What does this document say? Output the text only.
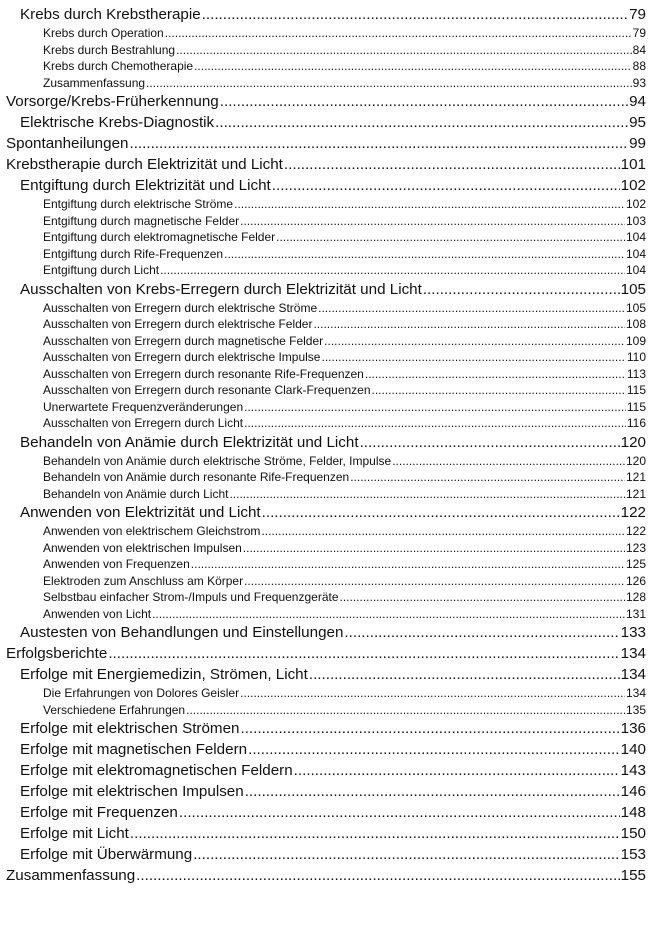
Krebs durch Krebstherapie .....	79
Krebs durch Operation .....	79
Krebs durch Bestrahlung .....	84
Krebs durch Chemotherapie .....	88
Zusammenfassung .....	93
Vorsorge/Krebs-Früherkennung .....	94
Elektrische Krebs-Diagnostik .....	95
Spontanheilungen .....	99
Krebstherapie durch Elektrizität und Licht .....	101
Entgiftung durch Elektrizität und Licht .....	102
Entgiftung durch elektrische Ströme .....	102
Entgiftung durch magnetische Felder .....	103
Entgiftung durch elektromagnetische Felder .....	104
Entgiftung durch Rife-Frequenzen .....	104
Entgiftung durch Licht .....	104
Ausschalten von Krebs-Erregern durch Elektrizität und Licht .....	105
Ausschalten von Erregern durch elektrische Ströme .....	105
Ausschalten von Erregern durch elektrische Felder .....	108
Ausschalten von Erregern durch magnetische Felder .....	109
Ausschalten von Erregern durch elektrische Impulse .....	110
Ausschalten von Erregern durch resonante Rife-Frequenzen .....	113
Ausschalten von Erregern durch resonante Clark-Frequenzen .....	115
Unerwartete Frequenzveränderungen .....	115
Ausschalten von Erregern durch Licht .....	116
Behandeln von Anämie durch Elektrizität und Licht .....	120
Behandeln von Anämie durch elektrische Ströme, Felder, Impulse .....	120
Behandeln von Anämie durch resonante Rife-Frequenzen .....	121
Behandeln von Anämie durch Licht .....	121
Anwenden von Elektrizität und Licht .....	122
Anwenden von elektrischem Gleichstrom .....	122
Anwenden von elektrischen Impulsen .....	123
Anwenden von Frequenzen .....	125
Elektroden zum Anschluss am Körper .....	126
Selbstbau einfacher Strom-/Impuls und Frequenzgeräte .....	128
Anwenden von Licht .....	131
Austesten von Behandlungen und Einstellungen .....	133
Erfolgsberichte .....	134
Erfolge mit Energiemedizin, Strömen, Licht .....	134
Die Erfahrungen von Dolores Geisler .....	134
Verschiedene Erfahrungen .....	135
Erfolge mit elektrischen Strömen .....	136
Erfolge mit magnetischen Feldern .....	140
Erfolge mit elektromagnetischen Feldern .....	143
Erfolge mit elektrischen Impulsen .....	146
Erfolge mit Frequenzen .....	148
Erfolge mit Licht .....	150
Erfolge mit Überwärmung .....	153
Zusammenfassung .....	155
